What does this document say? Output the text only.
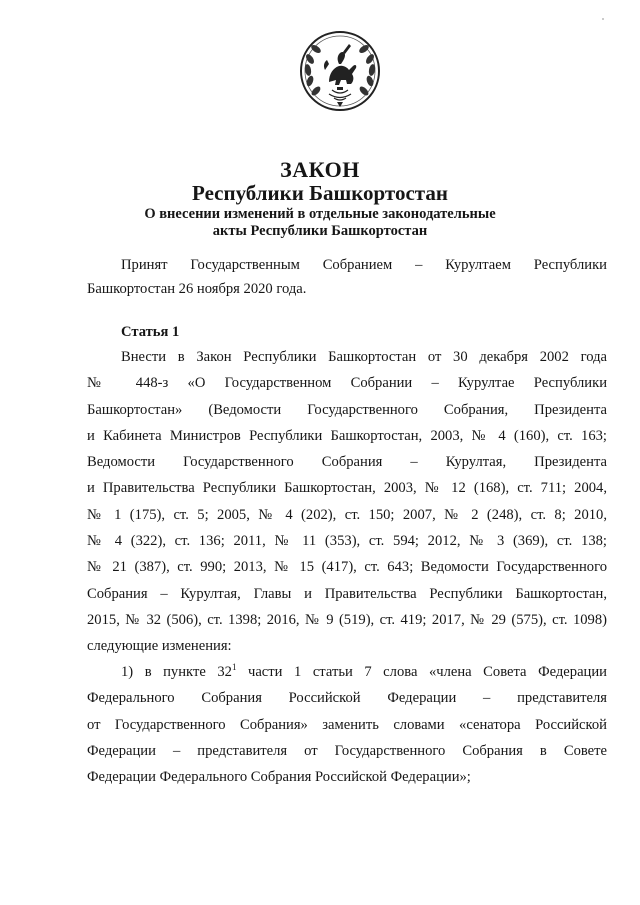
ЗАКОН
Республики Башкортостан
О внесении изменений в отдельные законодательные
акты Республики Башкортостан
Принят Государственным Собранием – Курултаем Республики
Башкортостан 26 ноября 2020 года.
Статья 1
Внести в Закон Республики Башкортостан от 30 декабря 2002 года
№ 448-з «О Государственном Собрании – Курултае Республики
Башкортостан» (Ведомости Государственного Собрания, Президента
и Кабинета Министров Республики Башкортостан, 2003, № 4 (160), ст. 163;
Ведомости Государственного Собрания – Курултая, Президента
и Правительства Республики Башкортостан, 2003, № 12 (168), ст. 711; 2004,
№ 1 (175), ст. 5; 2005, № 4 (202), ст. 150; 2007, № 2 (248), ст. 8; 2010,
№ 4 (322), ст. 136; 2011, № 11 (353), ст. 594; 2012, № 3 (369), ст. 138;
№ 21 (387), ст. 990; 2013, № 15 (417), ст. 643; Ведомости Государственного
Собрания – Курултая, Главы и Правительства Республики Башкортостан,
2015, № 32 (506), ст. 1398; 2016, № 9 (519), ст. 419; 2017, № 29 (575), ст. 1098)
следующие изменения:
1) в пункте $32^1$ части 1 статьи 7 слова «члена Совета Федерации
Федерального Собрания Российской Федерации – представителя
от Государственного Собрания» заменить словами «сенатора Российской
Федерации – представителя от Государственного Собрания в Совете
Федерации Федерального Собрания Российской Федерации»;
